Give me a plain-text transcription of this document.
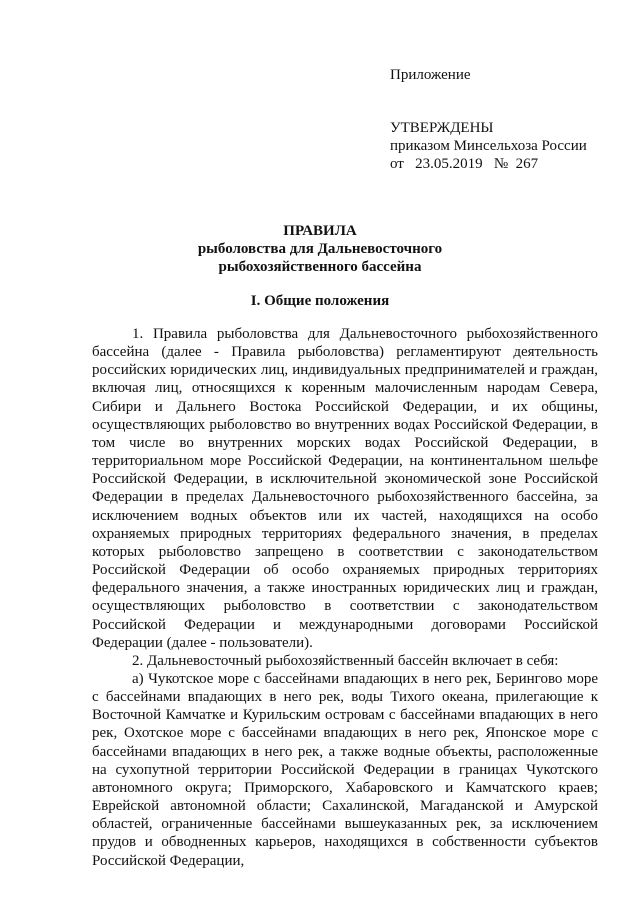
Приложение
УТВЕРЖДЕНЫ
приказом Минсельхоза России
от 23.05.2019 № 267
ПРАВИЛА
рыболовства для Дальневосточного
рыбохозяйственного бассейна
I. Общие положения

1. Правила рыболовства для Дальневосточного рыбохозяйственного бассейна (далее - Правила рыболовства) регламентируют деятельность российских юридических лиц, индивидуальных предпринимателей и граждан, включая лиц, относящихся к коренным малочисленным народам Севера, Сибири и Дальнего Востока Российской Федерации, и их общины, осуществляющих рыболовство во внутренних водах Российской Федерации, в том числе во внутренних морских водах Российской Федерации, в территориальном море Российской Федерации, на континентальном шельфе Российской Федерации, в исключительной экономической зоне Российской Федерации в пределах Дальневосточного рыбохозяйственного бассейна, за исключением водных объектов или их частей, находящихся на особо охраняемых природных территориях федерального значения, в пределах которых рыболовство запрещено в соответствии с законодательством Российской Федерации об особо охраняемых природных территориях федерального значения, а также иностранных юридических лиц и граждан, осуществляющих рыболовство в соответствии с законодательством Российской Федерации и международными договорами Российской Федерации (далее - пользователи).

2. Дальневосточный рыбохозяйственный бассейн включает в себя:

а) Чукотское море с бассейнами впадающих в него рек, Берингово море с бассейнами впадающих в него рек, воды Тихого океана, прилегающие к Восточной Камчатке и Курильским островам с бассейнами впадающих в него рек, Охотское море с бассейнами впадающих в него рек, Японское море с бассейнами впадающих в него рек, а также водные объекты, расположенные на сухопутной территории Российской Федерации в границах Чукотского автономного округа; Приморского, Хабаровского и Камчатского краев; Еврейской автономной области; Сахалинской, Магаданской и Амурской областей, ограниченные бассейнами вышеуказанных рек, за исключением прудов и обводненных карьеров, находящихся в собственности субъектов Российской Федерации,
